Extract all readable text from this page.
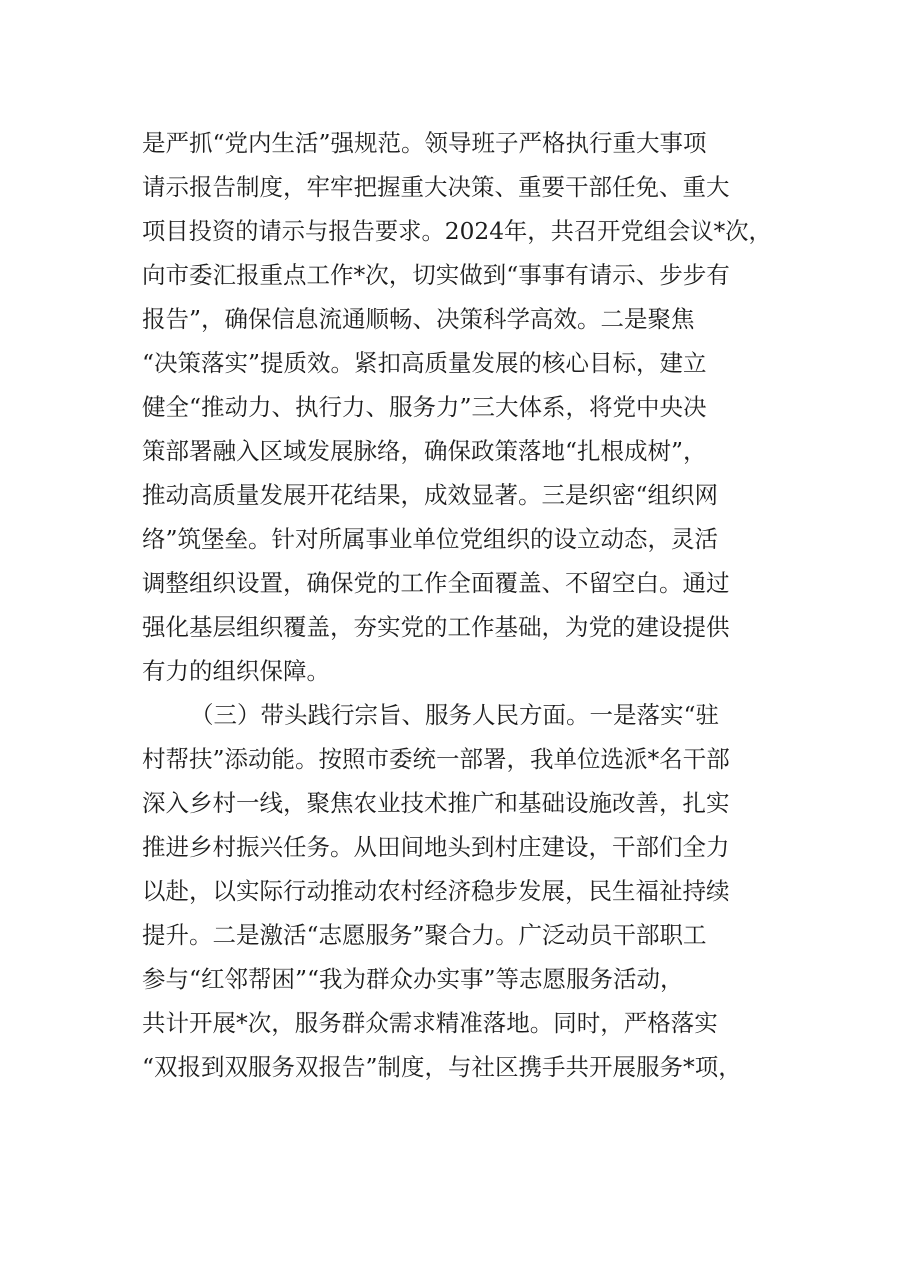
是严抓“党内生活”强规范。领导班子严格执行重大事项
请示报告制度，牢牢把握重大决策、重要干部任免、重大
项目投资的请示与报告要求。2024年，共召开党组会议*次，
向市委汇报重点工作*次，切实做到“事事有请示、步步有
报告”，确保信息流通顺畅、决策科学高效。二是聚焦
“决策落实”提质效。紧扣高质量发展的核心目标，建立
健全“推动力、执行力、服务力”三大体系，将党中央决
策部署融入区域发展脉络，确保政策落地“扎根成树”，
推动高质量发展开花结果，成效显著。三是织密“组织网
络”筑堡垒。针对所属事业单位党组织的设立动态，灵活
调整组织设置，确保党的工作全面覆盖、不留空白。通过
强化基层组织覆盖，夯实党的工作基础，为党的建设提供
有力的组织保障。
（三）带头践行宗旨、服务人民方面。一是落实“驻
村帮扶”添动能。按照市委统一部署，我单位选派*名干部
深入乡村一线，聚焦农业技术推广和基础设施改善，扎实
推进乡村振兴任务。从田间地头到村庄建设，干部们全力
以赴，以实际行动推动农村经济稳步发展，民生福祉持续
提升。二是激活“志愿服务”聚合力。广泛动员干部职工
参与“红邻帮困”“我为群众办实事”等志愿服务活动，
共计开展*次，服务群众需求精准落地。同时，严格落实
“双报到双服务双报告”制度，与社区携手共开展服务*项，
